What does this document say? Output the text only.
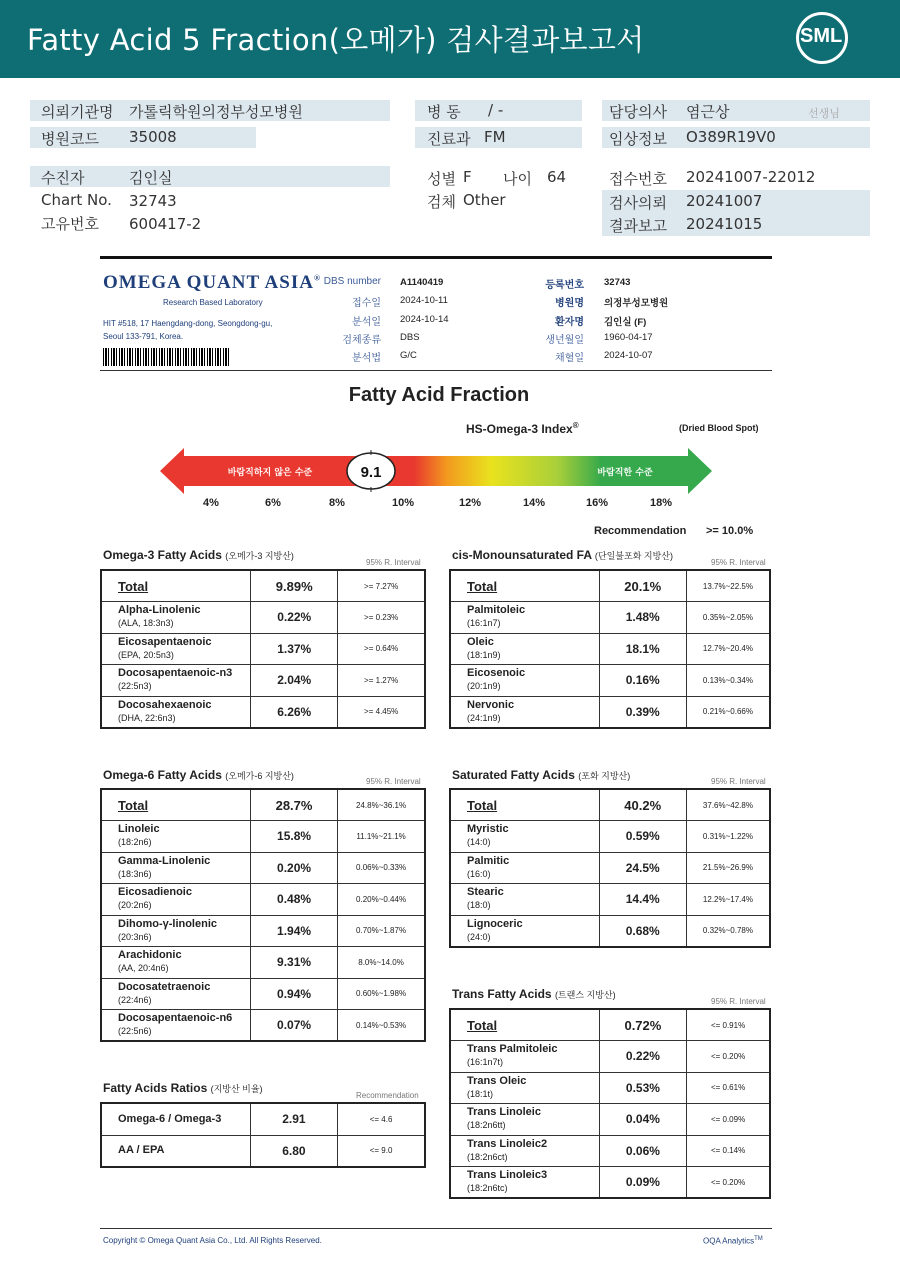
Fatty Acid 5 Fraction(오메가) 검사결과보고서	SML
의뢰기관명 가톨릭학원의정부성모병원
병원코드 35008
병 동 / -
진료과 FM
담당의사 염근상	선생님
임상정보 O389R19V0
수진자	김인실
Chart No. 32743
고유번호 600417-2
성별 F 나이 64
검체 Other
접수번호 20241007-22012
검사의뢰 20241007
결과보고 20241015
OMEGA QUANT ASIA®
Research Based Laboratory
HIT #518, 17 Haengdang-dong, Seongdong-gu,
Seoul 133-791, Korea.
DBS number A1140419
접수일 2024-10-11
분석일 2024-10-14
검체종류 DBS
분석법 G/C
등록번호 32743
병원명 의정부성모병원
환자명 김인실 (F)
생년월일 1960-04-17
채혈일 2024-10-07
Fatty Acid Fraction
HS-Omega-3 Index®	(Dried Blood Spot)
9.1
바람직하지 않은 수준	바람직한 수준
4%	6%	8%	10%	12%	14%	16%	18%
Recommendation >= 10.0%
Omega-3 Fatty Acids (오메가-3 지방산)
95% R. Interval
cis-Monounsaturated FA (단일불포화 지방산)
95% R. Interval
Omega-6 Fatty Acids (오메가-6 지방산)
95% R. Interval	Saturated Fatty Acids (포화 지방산)
95% R. Interval
Trans Fatty Acids (트랜스 지방산)
95% R. Interval
Fatty Acids Ratios (지방산 비율)
Recommendation
Total	9.89%	>= 7.27%
Alpha-Linolenic
(ALA, 18:3n3)	0.22%	>= 0.23%
Eicosapentaenoic
(EPA, 20:5n3)	1.37%	>= 0.64%
Docosapentaenoic-n3
(22:5n3)	2.04%	>= 1.27%
Docosahexaenoic
(DHA, 22:6n3)	6.26%	>= 4.45%
Total	20.1%	13.7%~22.5%
Palmitoleic
(16:1n7)	1.48%	0.35%~2.05%
Oleic
(18:1n9)	18.1%	12.7%~20.4%
Eicosenoic
(20:1n9)	0.16%	0.13%~0.34%
Nervonic
(24:1n9)	0.39%	0.21%~0.66%
Total	28.7%	24.8%~36.1%
Linoleic
(18:2n6)	15.8%	11.1%~21.1%
Gamma-Linolenic
(18:3n6)	0.20%	0.06%~0.33%
Eicosadienoic
(20:2n6)	0.48%	0.20%~0.44%
Dihomo-γ-linolenic
(20:3n6)	1.94%	0.70%~1.87%
Arachidonic
(AA, 20:4n6)	9.31%	8.0%~14.0%
Docosatetraenoic
(22:4n6)	0.94%	0.60%~1.98%
Docosapentaenoic-n6
(22:5n6)	0.07%	0.14%~0.53%
Total	40.2%	37.6%~42.8%
Myristic
(14:0)	0.59%	0.31%~1.22%
Palmitic
(16:0)	24.5%	21.5%~26.9%
Stearic
(18:0)	14.4%	12.2%~17.4%
Lignoceric
(24:0)	0.68%	0.32%~0.78%
Total	0.72%	<= 0.91%
Trans Palmitoleic
(16:1n7t)	0.22%	<= 0.20%
Trans Oleic
(18:1t)	0.53%	<= 0.61%
Trans Linoleic
(18:2n6tt)	0.04%	<= 0.09%
Trans Linoleic2
(18:2n6ct)	0.06%	<= 0.14%
Trans Linoleic3
(18:2n6tc)	0.09%	<= 0.20%
Omega-6 / Omega-3	2.91	<= 4.6
AA / EPA	6.80	<= 9.0
Copyright © Omega Quant Asia Co., Ltd. All Rights Reserved.	OQA Analytics™
